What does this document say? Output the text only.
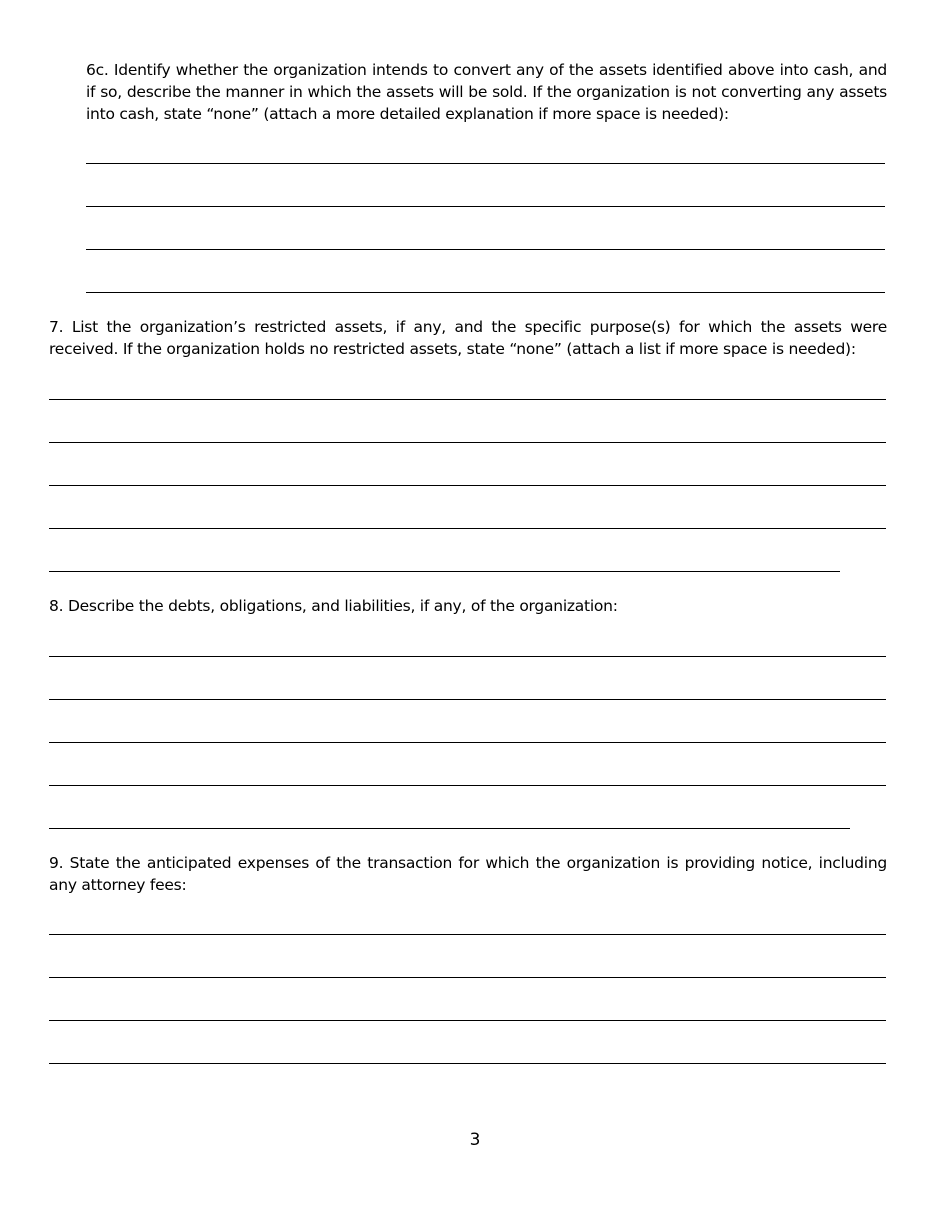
6c. Identify whether the organization intends to convert any of the assets identified above into cash, and if so, describe the manner in which the assets will be sold. If the organization is not converting any assets into cash, state “none” (attach a more detailed explanation if more space is needed):

7. List the organization’s restricted assets, if any, and the specific purpose(s) for which the assets were received. If the organization holds no restricted assets, state “none” (attach a list if more space is needed):

8. Describe the debts, obligations, and liabilities, if any, of the organization:

9. State the anticipated expenses of the transaction for which the organization is providing notice, including any attorney fees:

3
